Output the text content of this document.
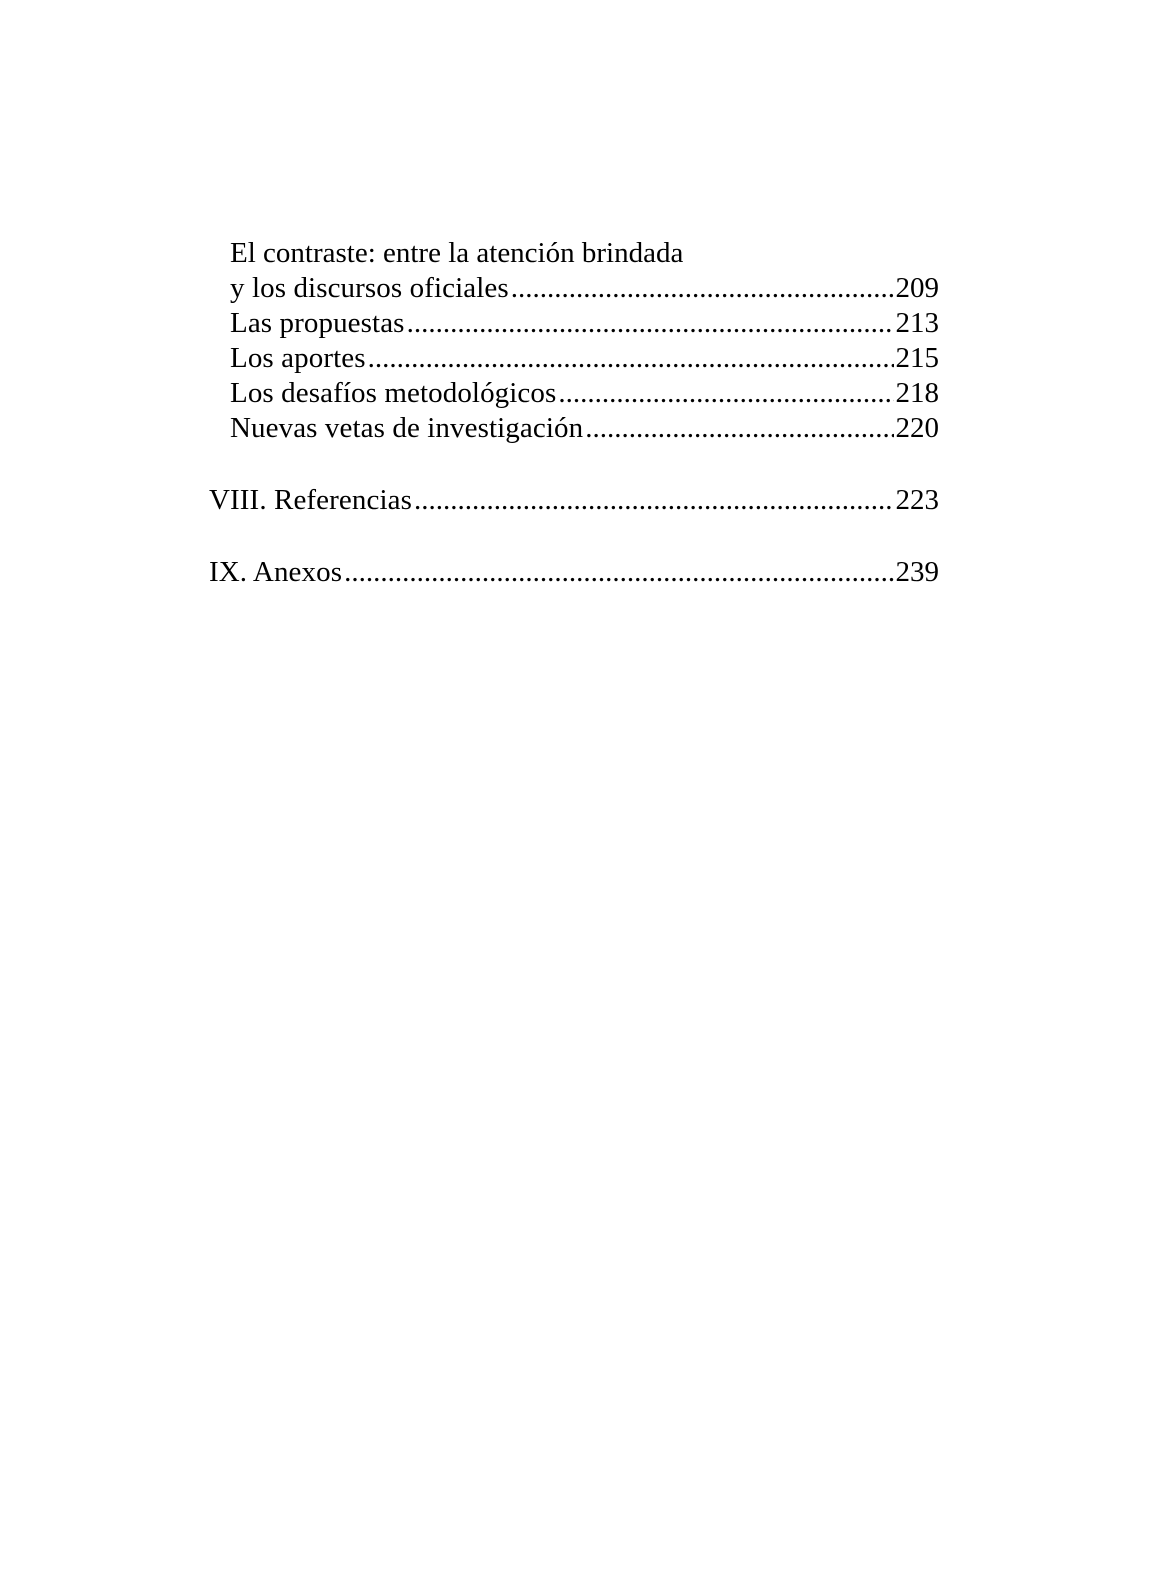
El contraste: entre la atención brindada
y los discursos oficiales .....	209
Las propuestas .....	213
Los aportes .....	215
Los desafíos metodológicos .....	218
Nuevas vetas de investigación .....	220
VIII. Referencias .....	223
IX. Anexos .....	239
